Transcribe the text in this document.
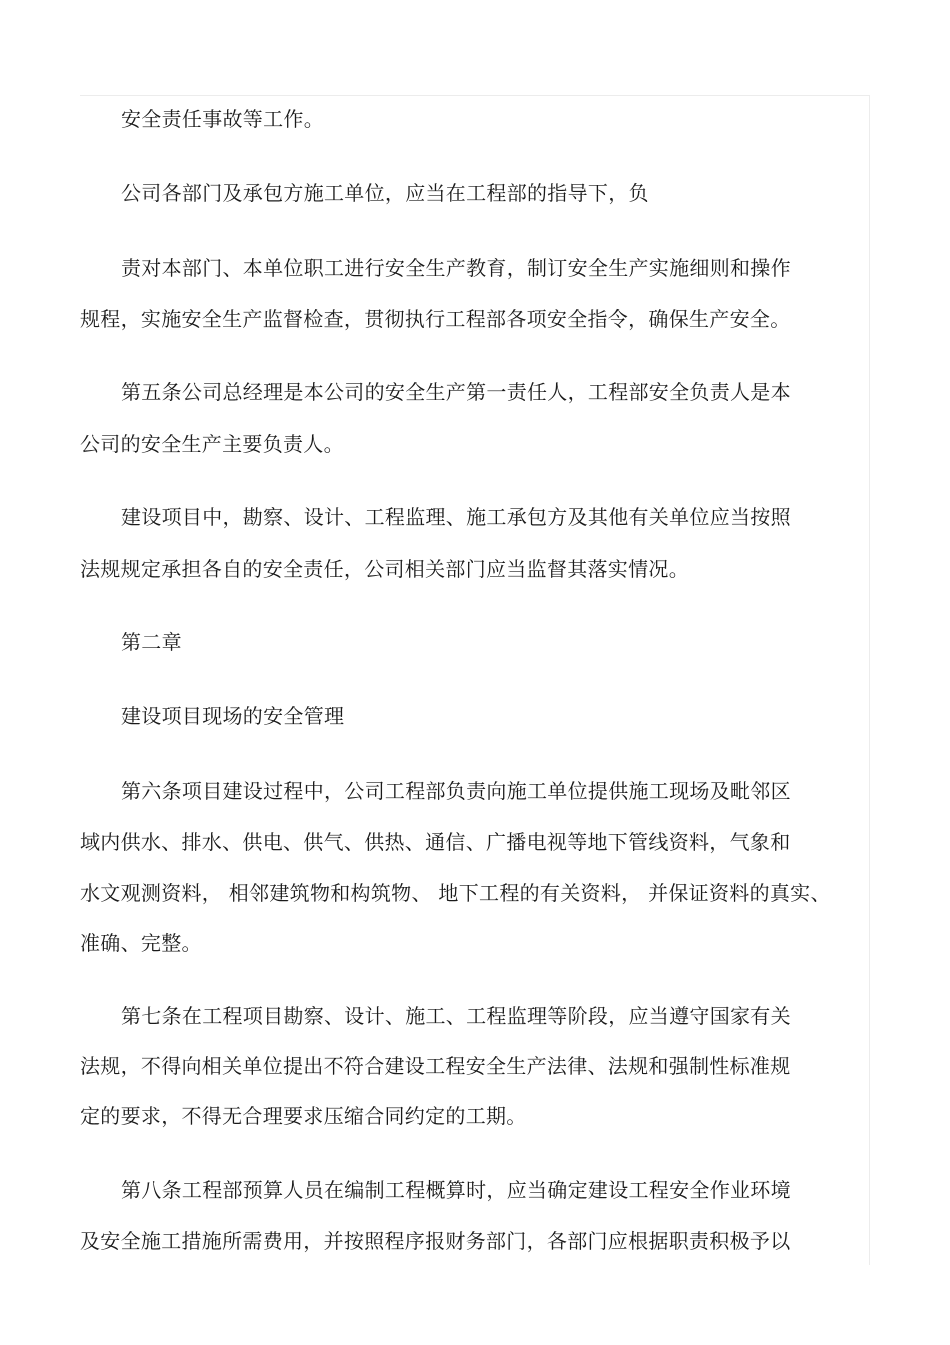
安全责任事故等工作。
公司各部门及承包方施工单位，应当在工程部的指导下，负
责对本部门、本单位职工进行安全生产教育，制订安全生产实施细则和操作
规程，实施安全生产监督检查，贯彻执行工程部各项安全指令，确保生产安全。
第五条公司总经理是本公司的安全生产第一责任人，工程部安全负责人是本
公司的安全生产主要负责人。
建设项目中，勘察、设计、工程监理、施工承包方及其他有关单位应当按照
法规规定承担各自的安全责任，公司相关部门应当监督其落实情况。
第二章
建设项目现场的安全管理
第六条项目建设过程中，公司工程部负责向施工单位提供施工现场及毗邻区
域内供水、排水、供电、供气、供热、通信、广播电视等地下管线资料，气象和
水文观测资料， 相邻建筑物和构筑物、 地下工程的有关资料， 并保证资料的真实、
准确、完整。
第七条在工程项目勘察、设计、施工、工程监理等阶段，应当遵守国家有关
法规，不得向相关单位提出不符合建设工程安全生产法律、法规和强制性标准规
定的要求，不得无合理要求压缩合同约定的工期。
第八条工程部预算人员在编制工程概算时，应当确定建设工程安全作业环境
及安全施工措施所需费用，并按照程序报财务部门，各部门应根据职责积极予以
